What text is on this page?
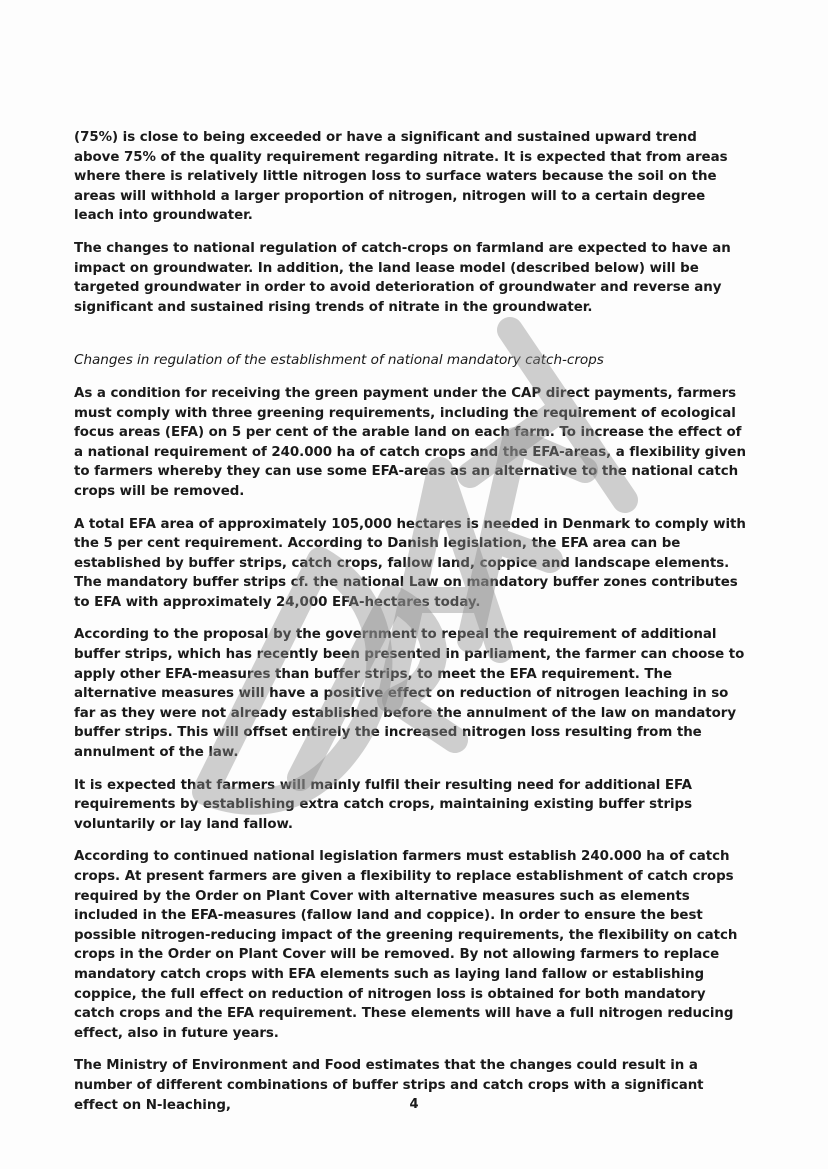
(75%) is close to being exceeded or have a significant and sustained upward trend above 75% of the quality requirement regarding nitrate. It is expected that from areas where there is relatively little nitrogen loss to surface waters because the soil on the areas will withhold a larger proportion of nitrogen, nitrogen will to a certain degree leach into groundwater.

The changes to national regulation of catch-crops on farmland are expected to have an impact on groundwater. In addition, the land lease model (described below) will be targeted groundwater in order to avoid deterioration of groundwater and reverse any significant and sustained rising trends of nitrate in the groundwater.

Changes in regulation of the establishment of national mandatory catch-crops

As a condition for receiving the green payment under the CAP direct payments, farmers must comply with three greening requirements, including the requirement of ecological focus areas (EFA) on 5 per cent of the arable land on each farm. To increase the effect of a national requirement of 240.000 ha of catch crops and the EFA-areas, a flexibility given to farmers whereby they can use some EFA-areas as an alternative to the national catch crops will be removed.

A total EFA area of approximately 105,000 hectares is needed in Denmark to comply with the 5 per cent requirement. According to Danish legislation, the EFA area can be established by buffer strips, catch crops, fallow land, coppice and landscape elements. The mandatory buffer strips cf. the national Law on mandatory buffer zones contributes to EFA with approximately 24,000 EFA-hectares today.

According to the proposal by the government to repeal the requirement of additional buffer strips, which has recently been presented in parliament, the farmer can choose to apply other EFA-measures than buffer strips, to meet the EFA requirement. The alternative measures will have a positive effect on reduction of nitrogen leaching in so far as they were not already established before the annulment of the law on mandatory buffer strips. This will offset entirely the increased nitrogen loss resulting from the annulment of the law.

It is expected that farmers will mainly fulfil their resulting need for additional EFA requirements by establishing extra catch crops, maintaining existing buffer strips voluntarily or lay land fallow.

According to continued national legislation farmers must establish 240.000 ha of catch crops. At present farmers are given a flexibility to replace establishment of catch crops required by the Order on Plant Cover with alternative measures such as elements included in the EFA-measures (fallow land and coppice). In order to ensure the best possible nitrogen-reducing impact of the greening requirements, the flexibility on catch crops in the Order on Plant Cover will be removed. By not allowing farmers to replace mandatory catch crops with EFA elements such as laying land fallow or establishing coppice, the full effect on reduction of nitrogen loss is obtained for both mandatory catch crops and the EFA requirement. These elements will have a full nitrogen reducing effect, also in future years.

The Ministry of Environment and Food estimates that the changes could result in a number of different combinations of buffer strips and catch crops with a significant effect on N-leaching,	4
